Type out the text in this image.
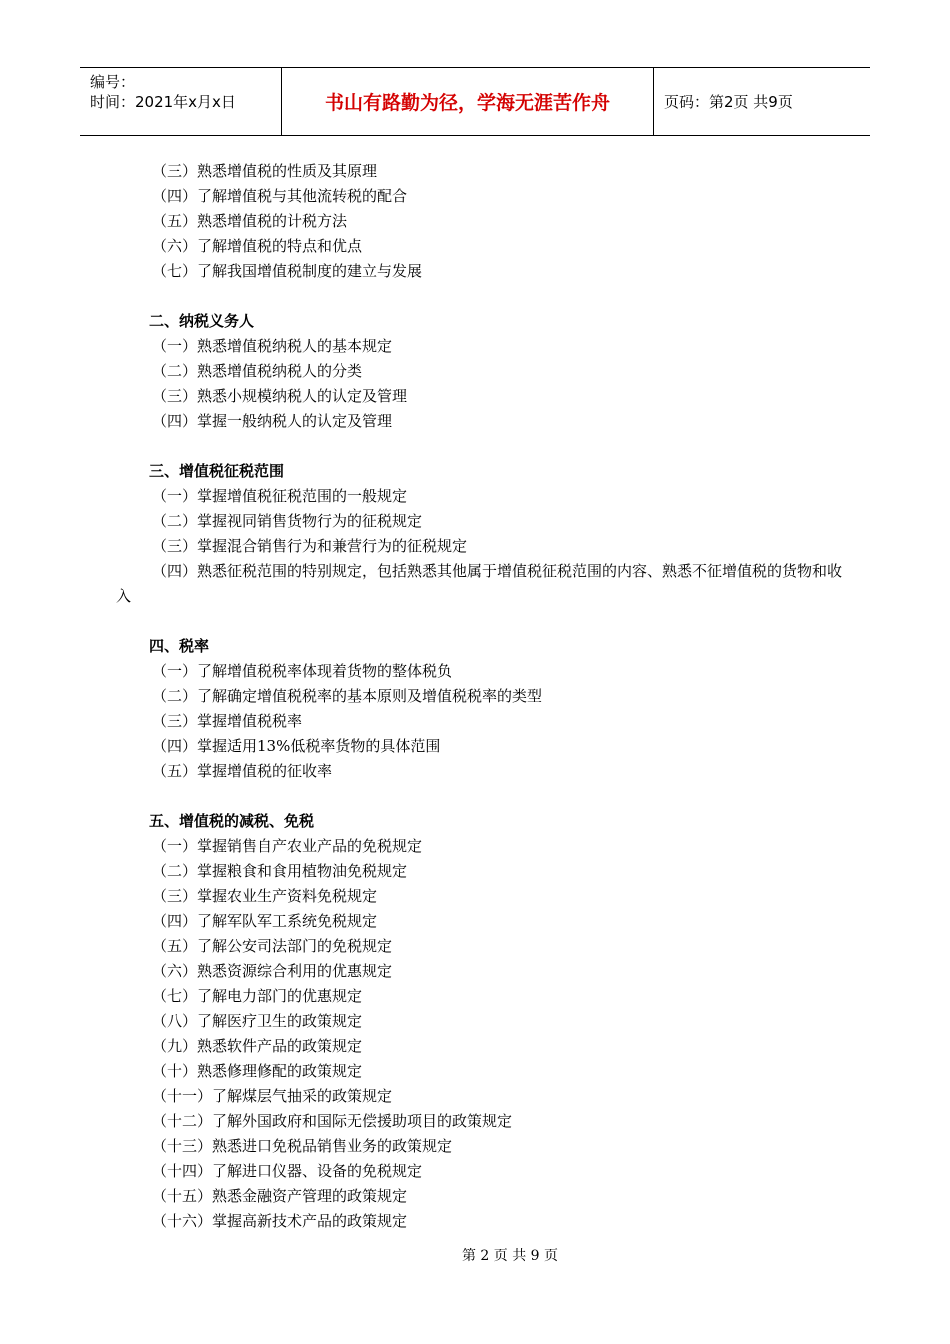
编号：
时间：2021年x月x日	书山有路勤为径，学海无涯苦作舟	页码：第2页 共9页
（三）熟悉增值税的性质及其原理
（四）了解增值税与其他流转税的配合
（五）熟悉增值税的计税方法
（六）了解增值税的特点和优点
（七）了解我国增值税制度的建立与发展
二、纳税义务人
（一）熟悉增值税纳税人的基本规定
（二）熟悉增值税纳税人的分类
（三）熟悉小规模纳税人的认定及管理
（四）掌握一般纳税人的认定及管理
三、增值税征税范围
（一）掌握增值税征税范围的一般规定
（二）掌握视同销售货物行为的征税规定
（三）掌握混合销售行为和兼营行为的征税规定
（四）熟悉征税范围的特别规定，包括熟悉其他属于增值税征税范围的内容、熟悉不征增值税的货物和收入
四、税率
（一）了解增值税税率体现着货物的整体税负
（二）了解确定增值税税率的基本原则及增值税税率的类型
（三）掌握增值税税率
（四）掌握适用13%低税率货物的具体范围
（五）掌握增值税的征收率
五、增值税的减税、免税
（一）掌握销售自产农业产品的免税规定
（二）掌握粮食和食用植物油免税规定
（三）掌握农业生产资料免税规定
（四）了解军队军工系统免税规定
（五）了解公安司法部门的免税规定
（六）熟悉资源综合利用的优惠规定
（七）了解电力部门的优惠规定
（八）了解医疗卫生的政策规定
（九）熟悉软件产品的政策规定
（十）熟悉修理修配的政策规定
（十一）了解煤层气抽采的政策规定
（十二）了解外国政府和国际无偿援助项目的政策规定
（十三）熟悉进口免税品销售业务的政策规定
（十四）了解进口仪器、设备的免税规定
（十五）熟悉金融资产管理的政策规定
（十六）掌握高新技术产品的政策规定
第 2 页 共 9 页
